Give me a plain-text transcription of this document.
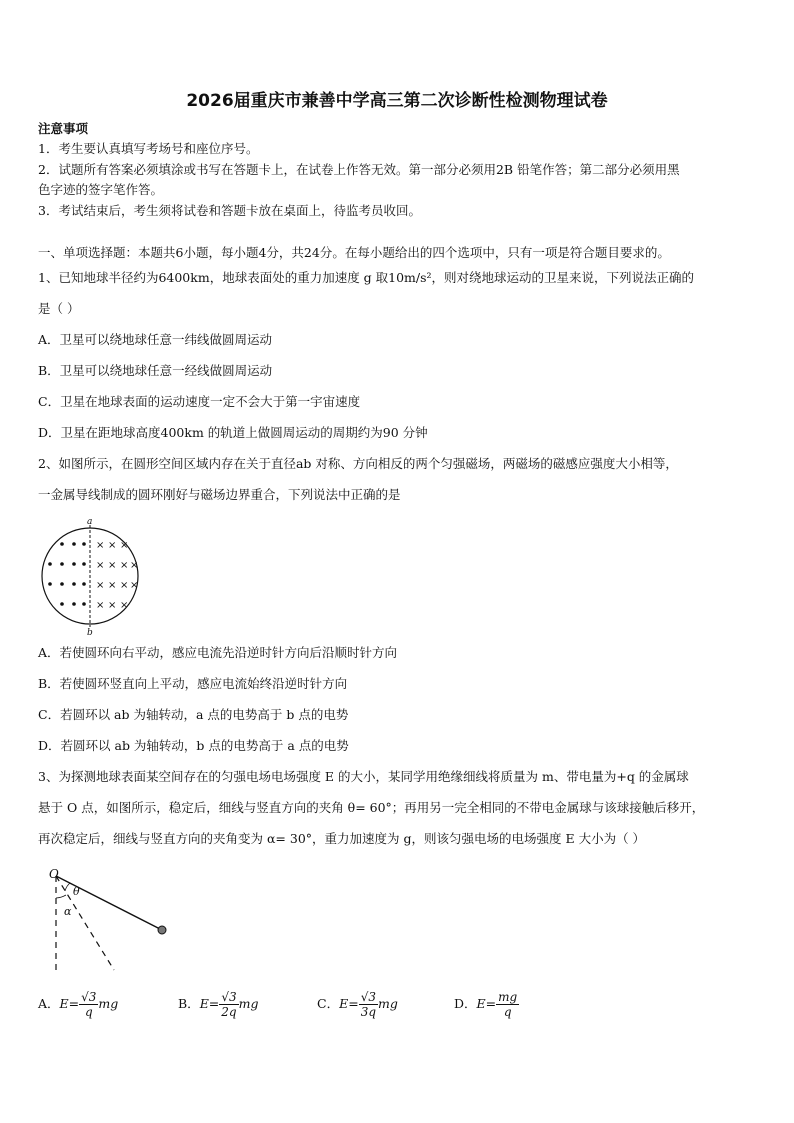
2026届重庆市兼善中学高三第二次诊断性检测物理试卷
注意事项
1．考生要认真填写考场号和座位序号。
2．试题所有答案必须填涂或书写在答题卡上，在试卷上作答无效。第一部分必须用2B 铅笔作答；第二部分必须用黑
色字迹的签字笔作答。
3．考试结束后，考生须将试卷和答题卡放在桌面上，待监考员收回。
一、单项选择题：本题共6小题，每小题4分，共24分。在每小题给出的四个选项中，只有一项是符合题目要求的。
1、已知地球半径约为6400km，地球表面处的重力加速度 g 取10m/s²，则对绕地球运动的卫星来说，下列说法正确的
是（ ）
A．卫星可以绕地球任意一纬线做圆周运动
B．卫星可以绕地球任意一经线做圆周运动
C．卫星在地球表面的运动速度一定不会大于第一宇宙速度
D．卫星在距地球高度400km 的轨道上做圆周运动的周期约为90 分钟
2、如图所示，在圆形空间区域内存在关于直径ab 对称、方向相反的两个匀强磁场，两磁场的磁感应强度大小相等，
一金属导线制成的圆环刚好与磁场边界重合，下列说法中正确的是
× × ×
× × × ×
× × × ×
× × ×
a
b
A．若使圆环向右平动，感应电流先沿逆时针方向后沿顺时针方向
B．若使圆环竖直向上平动，感应电流始终沿逆时针方向
C．若圆环以 ab 为轴转动，a 点的电势高于 b 点的电势
D．若圆环以 ab 为轴转动，b 点的电势高于 a 点的电势
3、为探测地球表面某空间存在的匀强电场电场强度 E 的大小，某同学用绝缘细线将质量为 m、带电量为+q 的金属球
悬于 O 点，如图所示，稳定后，细线与竖直方向的夹角 θ= 60°；再用另一完全相同的不带电金属球与该球接触后移开，
再次稳定后，细线与竖直方向的夹角变为 α= 30°，重力加速度为 g，则该匀强电场的电场强度 E 大小为（ ）
O
θ
α
A．$E= \frac{√3}{q}$ mg	B．$E= \frac{√3}{2q}$ mg	C．$E= \frac{√3}{3q}$ mg	D．$E= \frac{mg}{q}$
